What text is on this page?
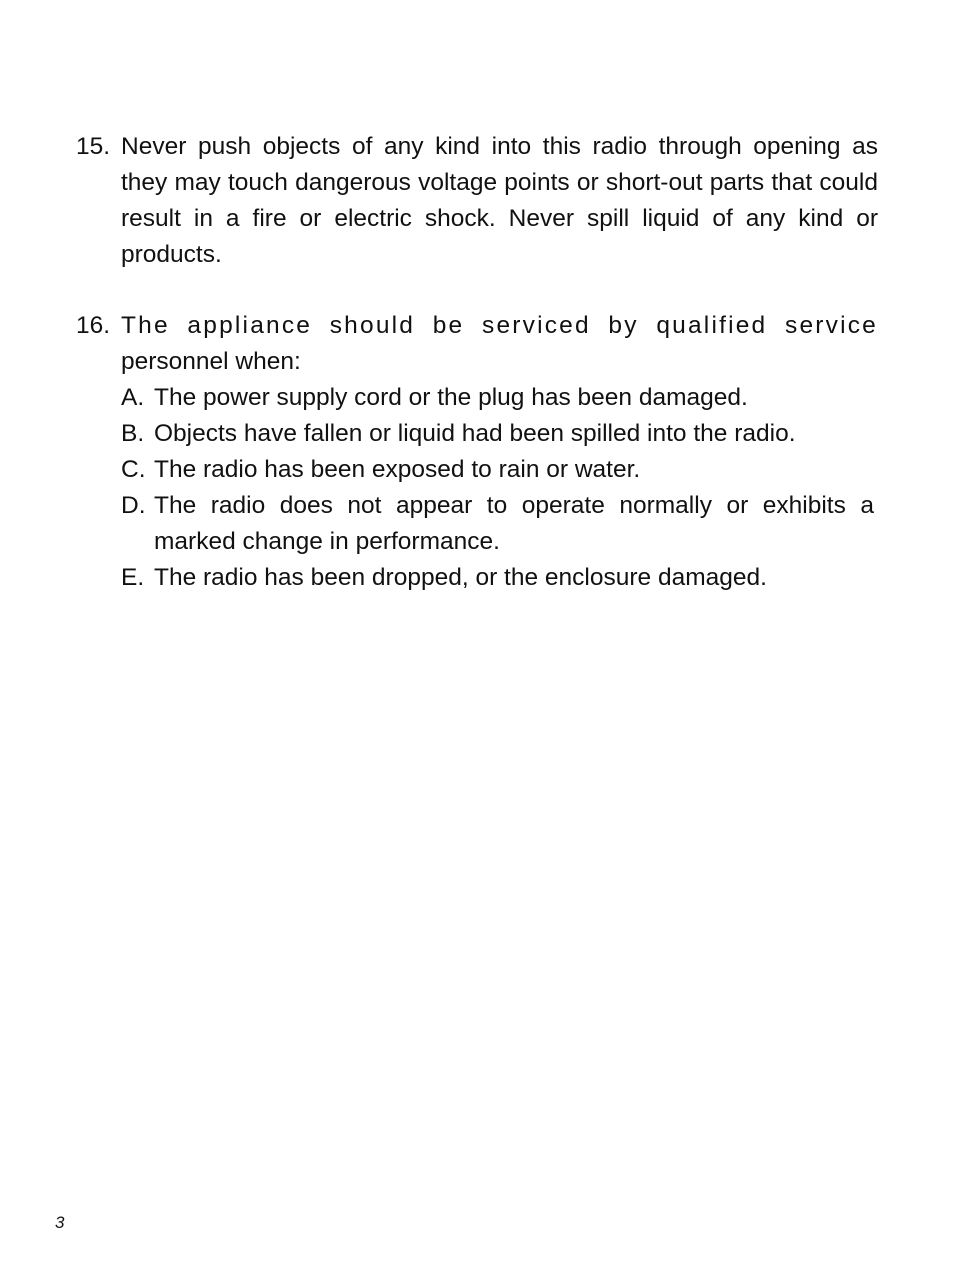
15. Never push objects of any kind into this radio through opening as they may touch dangerous voltage points or short-out parts that could result in a fire or electric shock. Never spill liquid of any kind or products.
16. The appliance should be serviced by qualified service
personnel when:
A. The power supply cord or the plug has been damaged.
B. Objects have fallen or liquid had been spilled into the radio.
C. The radio has been exposed to rain or water.
D. The radio does not appear to operate normally or exhibits a marked change in performance.
E. The radio has been dropped, or the enclosure damaged.
3
